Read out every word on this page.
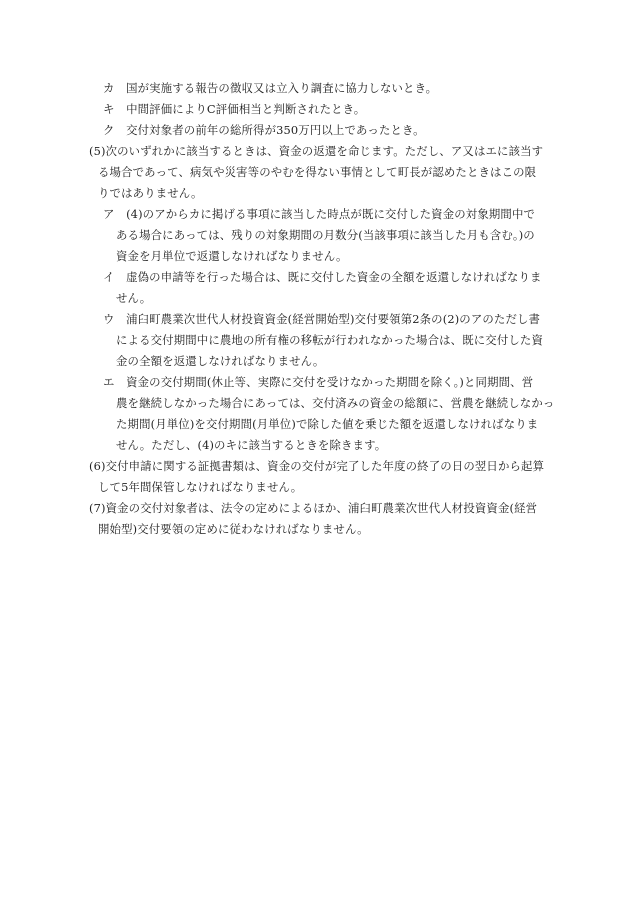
カ　国が実施する報告の徴収又は立入り調査に協力しないとき。
キ　中間評価によりC評価相当と判断されたとき。
ク　交付対象者の前年の総所得が350万円以上であったとき。
(5)次のいずれかに該当するときは、資金の返還を命じます。ただし、ア又はエに該当す
る場合であって、病気や災害等のやむを得ない事情として町長が認めたときはこの限
りではありません。
ア　(4)のアからカに掲げる事項に該当した時点が既に交付した資金の対象期間中で
ある場合にあっては、残りの対象期間の月数分(当該事項に該当した月も含む。)の
資金を月単位で返還しなければなりません。
イ　虚偽の申請等を行った場合は、既に交付した資金の全額を返還しなければなりま
せん。
ウ　浦臼町農業次世代人材投資資金(経営開始型)交付要領第2条の(2)のアのただし書
による交付期間中に農地の所有権の移転が行われなかった場合は、既に交付した資
金の全額を返還しなければなりません。
エ　資金の交付期間(休止等、実際に交付を受けなかった期間を除く。)と同期間、営
農を継続しなかった場合にあっては、交付済みの資金の総額に、営農を継続しなかっ
た期間(月単位)を交付期間(月単位)で除した値を乗じた額を返還しなければなりま
せん。ただし、(4)のキに該当するときを除きます。
(6)交付申請に関する証拠書類は、資金の交付が完了した年度の終了の日の翌日から起算
して5年間保管しなければなりません。
(7)資金の交付対象者は、法令の定めによるほか、浦臼町農業次世代人材投資資金(経営
開始型)交付要領の定めに従わなければなりません。
